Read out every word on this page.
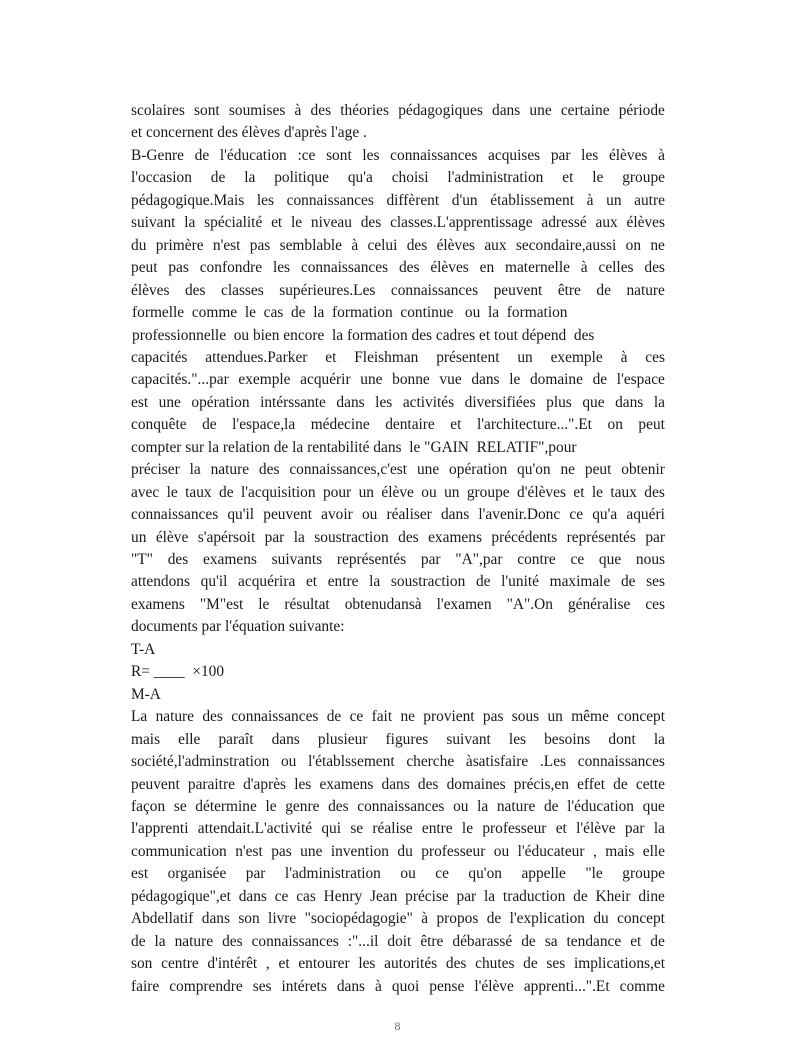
scolaires sont soumises à des théories pédagogiques dans une certaine période
et concernent des élèves d'après l'age .
B-Genre de l'éducation :ce sont les connaissances acquises par les élèves à
l'occasion de la politique qu'a choisi l'administration et le groupe
pédagogique.Mais les connaissances diffèrent d'un établissement à un autre
suivant la spécialité et le niveau des classes.L'apprentissage adressé aux élèves
du primère n'est pas semblable à celui des élèves aux secondaire,aussi on ne
peut pas confondre les connaissances des élèves en maternelle à celles des
élèves des classes supérieures.Les connaissances peuvent être de nature
formelle  comme  le  cas  de  la  formation  continue   ou  la  formation
professionnelle  ou bien encore  la formation des cadres et tout dépend  des
capacités attendues.Parker et Fleishman présentent un exemple à ces
capacités."...par exemple acquérir une bonne vue dans le domaine de l'espace
est une opération intérssante dans les activités diversifiées plus que dans la
conquête de l'espace,la médecine dentaire et l'architecture...".Et on peut
compter sur la relation de la rentabilité dans  le "GAIN  RELATIF",pour
préciser la nature des connaissances,c'est une opération qu'on ne peut obtenir
avec le taux de l'acquisition pour un élève ou un groupe d'élèves et le taux des
connaissances qu'il peuvent avoir ou réaliser dans l'avenir.Donc ce qu'a aquéri
un élève s'apérsoit par la soustraction des examens précédents représentés par
"T" des examens suivants représentés par "A",par contre ce que nous
attendons qu'il acquérira et entre la soustraction de l'unité maximale de ses
examens "M"est le résultat obtenudansà l'examen "A".On généralise ces
documents par l'équation suivante:
T-A
R= ____  ×100
M-A
La nature des connaissances de ce fait ne provient pas sous un même concept
mais elle paraît dans plusieur figures suivant les besoins dont la
société,l'adminstration ou l'établssement cherche àsatisfaire .Les connaissances
peuvent paraitre d'après les examens dans des domaines précis,en effet de cette
façon se détermine le genre des connaissances ou la nature de l'éducation que
l'apprenti attendait.L'activité qui se réalise entre le professeur et l'élève par la
communication n'est pas une invention du professeur ou l'éducateur , mais elle
est organisée par l'administration ou ce qu'on appelle "le groupe
pédagogique",et dans ce cas Henry Jean précise par la traduction de Kheir dine
Abdellatif dans son livre "sociopédagogie" à propos de l'explication du concept
de la nature des connaissances :"...il doit être débarassé de sa tendance et de
son centre d'intérêt , et entourer les autorités des chutes de ses implications,et
faire comprendre ses intérets dans à quoi pense l'élève apprenti...".Et comme
8
